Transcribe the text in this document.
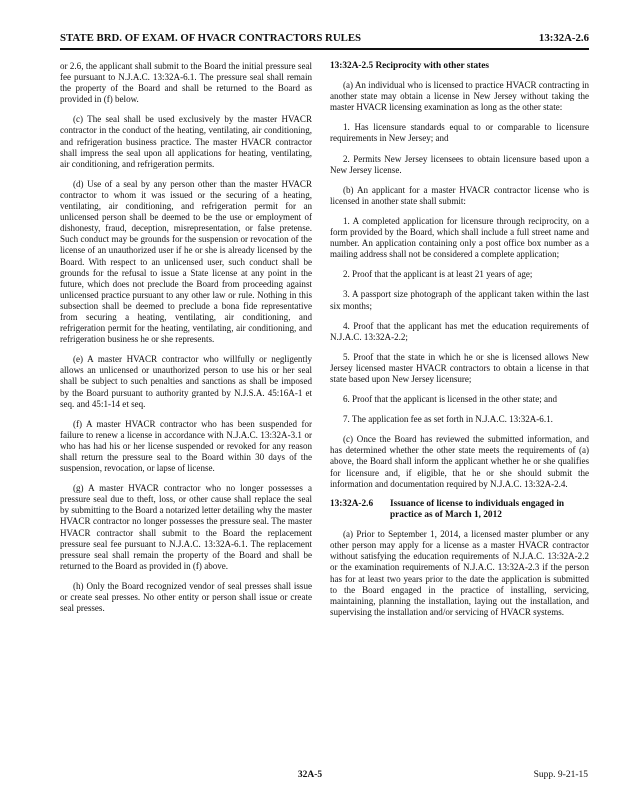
STATE BRD. OF EXAM. OF HVACR CONTRACTORS RULES	13:32A-2.6

or 2.6, the applicant shall submit to the Board the initial pressure seal fee pursuant to N.J.A.C. 13:32A-6.1. The pressure seal shall remain the property of the Board and shall be returned to the Board as provided in (f) below.

(c) The seal shall be used exclusively by the master HVACR contractor in the conduct of the heating, ventilating, air conditioning, and refrigeration business practice. The master HVACR contractor shall impress the seal upon all applications for heating, ventilating, air conditioning, and refrigeration permits.

(d) Use of a seal by any person other than the master HVACR contractor to whom it was issued or the securing of a heating, ventilating, air conditioning, and refrigeration permit for an unlicensed person shall be deemed to be the use or employment of dishonesty, fraud, deception, misrepresentation, or false pretense. Such conduct may be grounds for the suspension or revocation of the license of an unauthorized user if he or she is already licensed by the Board. With respect to an unlicensed user, such conduct shall be grounds for the refusal to issue a State license at any point in the future, which does not preclude the Board from proceeding against unlicensed practice pursuant to any other law or rule. Nothing in this subsection shall be deemed to preclude a bona fide representative from securing a heating, ventilating, air conditioning, and refrigeration permit for the heating, ventilating, air conditioning, and refrigeration business he or she represents.

(e) A master HVACR contractor who willfully or negligently allows an unlicensed or unauthorized person to use his or her seal shall be subject to such penalties and sanctions as shall be imposed by the Board pursuant to authority granted by N.J.S.A. 45:16A-1 et seq. and 45:1-14 et seq.

(f) A master HVACR contractor who has been suspended for failure to renew a license in accordance with N.J.A.C. 13:32A-3.1 or who has had his or her license suspended or revoked for any reason shall return the pressure seal to the Board within 30 days of the suspension, revocation, or lapse of license.

(g) A master HVACR contractor who no longer possesses a pressure seal due to theft, loss, or other cause shall replace the seal by submitting to the Board a notarized letter detailing why the master HVACR contractor no longer possesses the pressure seal. The master HVACR contractor shall submit to the Board the replacement pressure seal fee pursuant to N.J.A.C. 13:32A-6.1. The replacement pressure seal shall remain the property of the Board and shall be returned to the Board as provided in (f) above.

(h) Only the Board recognized vendor of seal presses shall issue or create seal presses. No other entity or person shall issue or create seal presses.

13:32A-2.5 Reciprocity with other states

(a) An individual who is licensed to practice HVACR contracting in another state may obtain a license in New Jersey without taking the master HVACR licensing examination as long as the other state:

1. Has licensure standards equal to or comparable to licensure requirements in New Jersey; and

2. Permits New Jersey licensees to obtain licensure based upon a New Jersey license.

(b) An applicant for a master HVACR contractor license who is licensed in another state shall submit:

1. A completed application for licensure through reciprocity, on a form provided by the Board, which shall include a full street name and number. An application containing only a post office box number as a mailing address shall not be considered a complete application;

2. Proof that the applicant is at least 21 years of age;

3. A passport size photograph of the applicant taken within the last six months;

4. Proof that the applicant has met the education requirements of N.J.A.C. 13:32A-2.2;

5. Proof that the state in which he or she is licensed allows New Jersey licensed master HVACR contractors to obtain a license in that state based upon New Jersey licensure;

6. Proof that the applicant is licensed in the other state; and

7. The application fee as set forth in N.J.A.C. 13:32A-6.1.

(c) Once the Board has reviewed the submitted information, and has determined whether the other state meets the requirements of (a) above, the Board shall inform the applicant whether he or she qualifies for licensure and, if eligible, that he or she should submit the information and documentation required by N.J.A.C. 13:32A-2.4.

13:32A-2.6	Issuance of license to individuals engaged in practice as of March 1, 2012

(a) Prior to September 1, 2014, a licensed master plumber or any other person may apply for a license as a master HVACR contractor without satisfying the education requirements of N.J.A.C. 13:32A-2.2 or the examination requirements of N.J.A.C. 13:32A-2.3 if the person has for at least two years prior to the date the application is submitted to the Board engaged in the practice of installing, servicing, maintaining, planning the installation, laying out the installation, and supervising the installation and/or servicing of HVACR systems.

32A-5	Supp. 9-21-15
